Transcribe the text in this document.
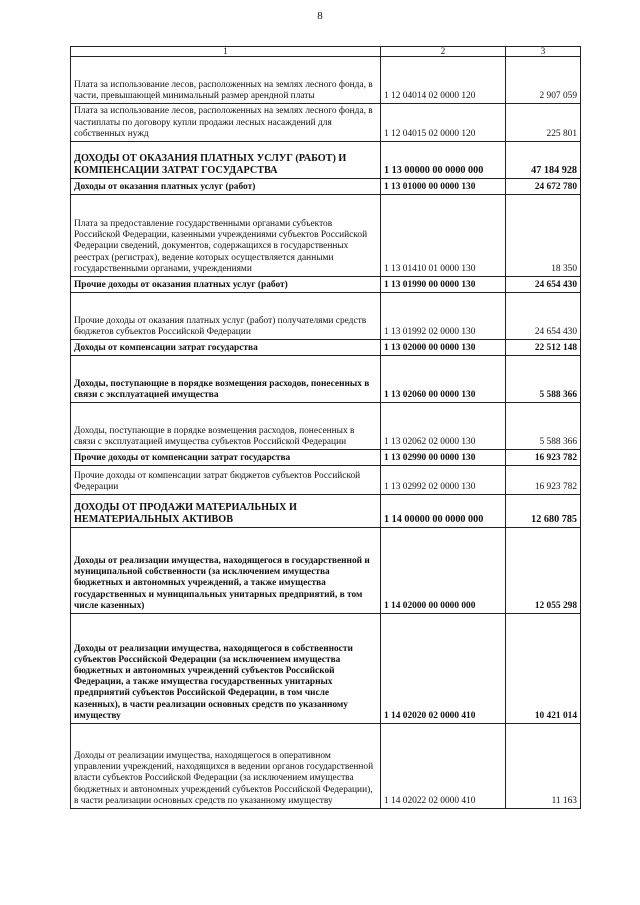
8
1	2	3
Плата за использование лесов, расположенных на землях лесного фонда, в части, превышающей минимальный размер арендной платы	1 12 04014 02 0000 120	2 907 059
Плата за использование лесов, расположенных на землях лесного фонда, в частиплаты по договору купли продажи лесных насаждений для собственных нужд	1 12 04015 02 0000 120	225 801
ДОХОДЫ ОТ ОКАЗАНИЯ ПЛАТНЫХ УСЛУГ (РАБОТ) И КОМПЕНСАЦИИ ЗАТРАТ ГОСУДАРСТВА	1 13 00000 00 0000 000	47 184 928
Доходы от оказания платных услуг (работ)	1 13 01000 00 0000 130	24 672 780
Плата за предоставление государственными органами субъектов Российской Федерации, казенными учреждениями субъектов Российской Федерации сведений, документов, содержащихся в государственных реестрах (регистрах), ведение которых осуществляется данными государственными органами, учреждениями	1 13 01410 01 0000 130	18 350
Прочие доходы от оказания платных услуг (работ)	1 13 01990 00 0000 130	24 654 430
Прочие доходы от оказания платных услуг (работ) получателями средств бюджетов субъектов Российской Федерации	1 13 01992 02 0000 130	24 654 430
Доходы от компенсации затрат государства	1 13 02000 00 0000 130	22 512 148
Доходы, поступающие в порядке возмещения расходов, понесенных в связи с эксплуатацией имущества	1 13 02060 00 0000 130	5 588 366
Доходы, поступающие в порядке возмещения расходов, понесенных в связи с эксплуатацией имущества субъектов Российской Федерации	1 13 02062 02 0000 130	5 588 366
Прочие доходы от компенсации затрат государства	1 13 02990 00 0000 130	16 923 782
Прочие доходы от компенсации затрат бюджетов субъектов Российской Федерации	1 13 02992 02 0000 130	16 923 782
ДОХОДЫ ОТ ПРОДАЖИ МАТЕРИАЛЬНЫХ И НЕМАТЕРИАЛЬНЫХ АКТИВОВ	1 14 00000 00 0000 000	12 680 785
Доходы от реализации имущества, находящегося в государственной и муниципальной собственности (за исключением имущества бюджетных и автономных учреждений, а также имущества государственных и муниципальных унитарных предприятий, в том числе казенных)	1 14 02000 00 0000 000	12 055 298
Доходы от реализации имущества, находящегося в собственности субъектов Российской Федерации (за исключением имущества бюджетных и автономных учреждений субъектов Российской Федерации, а также имущества государственных унитарных предприятий субъектов Российской Федерации, в том числе казенных), в части реализации основных средств по указанному имуществу	1 14 02020 02 0000 410	10 421 014
Доходы от реализации имущества, находящегося в оперативном управлении учреждений, находящихся в ведении органов государственной власти субъектов Российской Федерации (за исключением имущества бюджетных и автономных учреждений субъектов Российской Федерации), в части реализации основных средств по указанному имуществу	1 14 02022 02 0000 410	11 163
